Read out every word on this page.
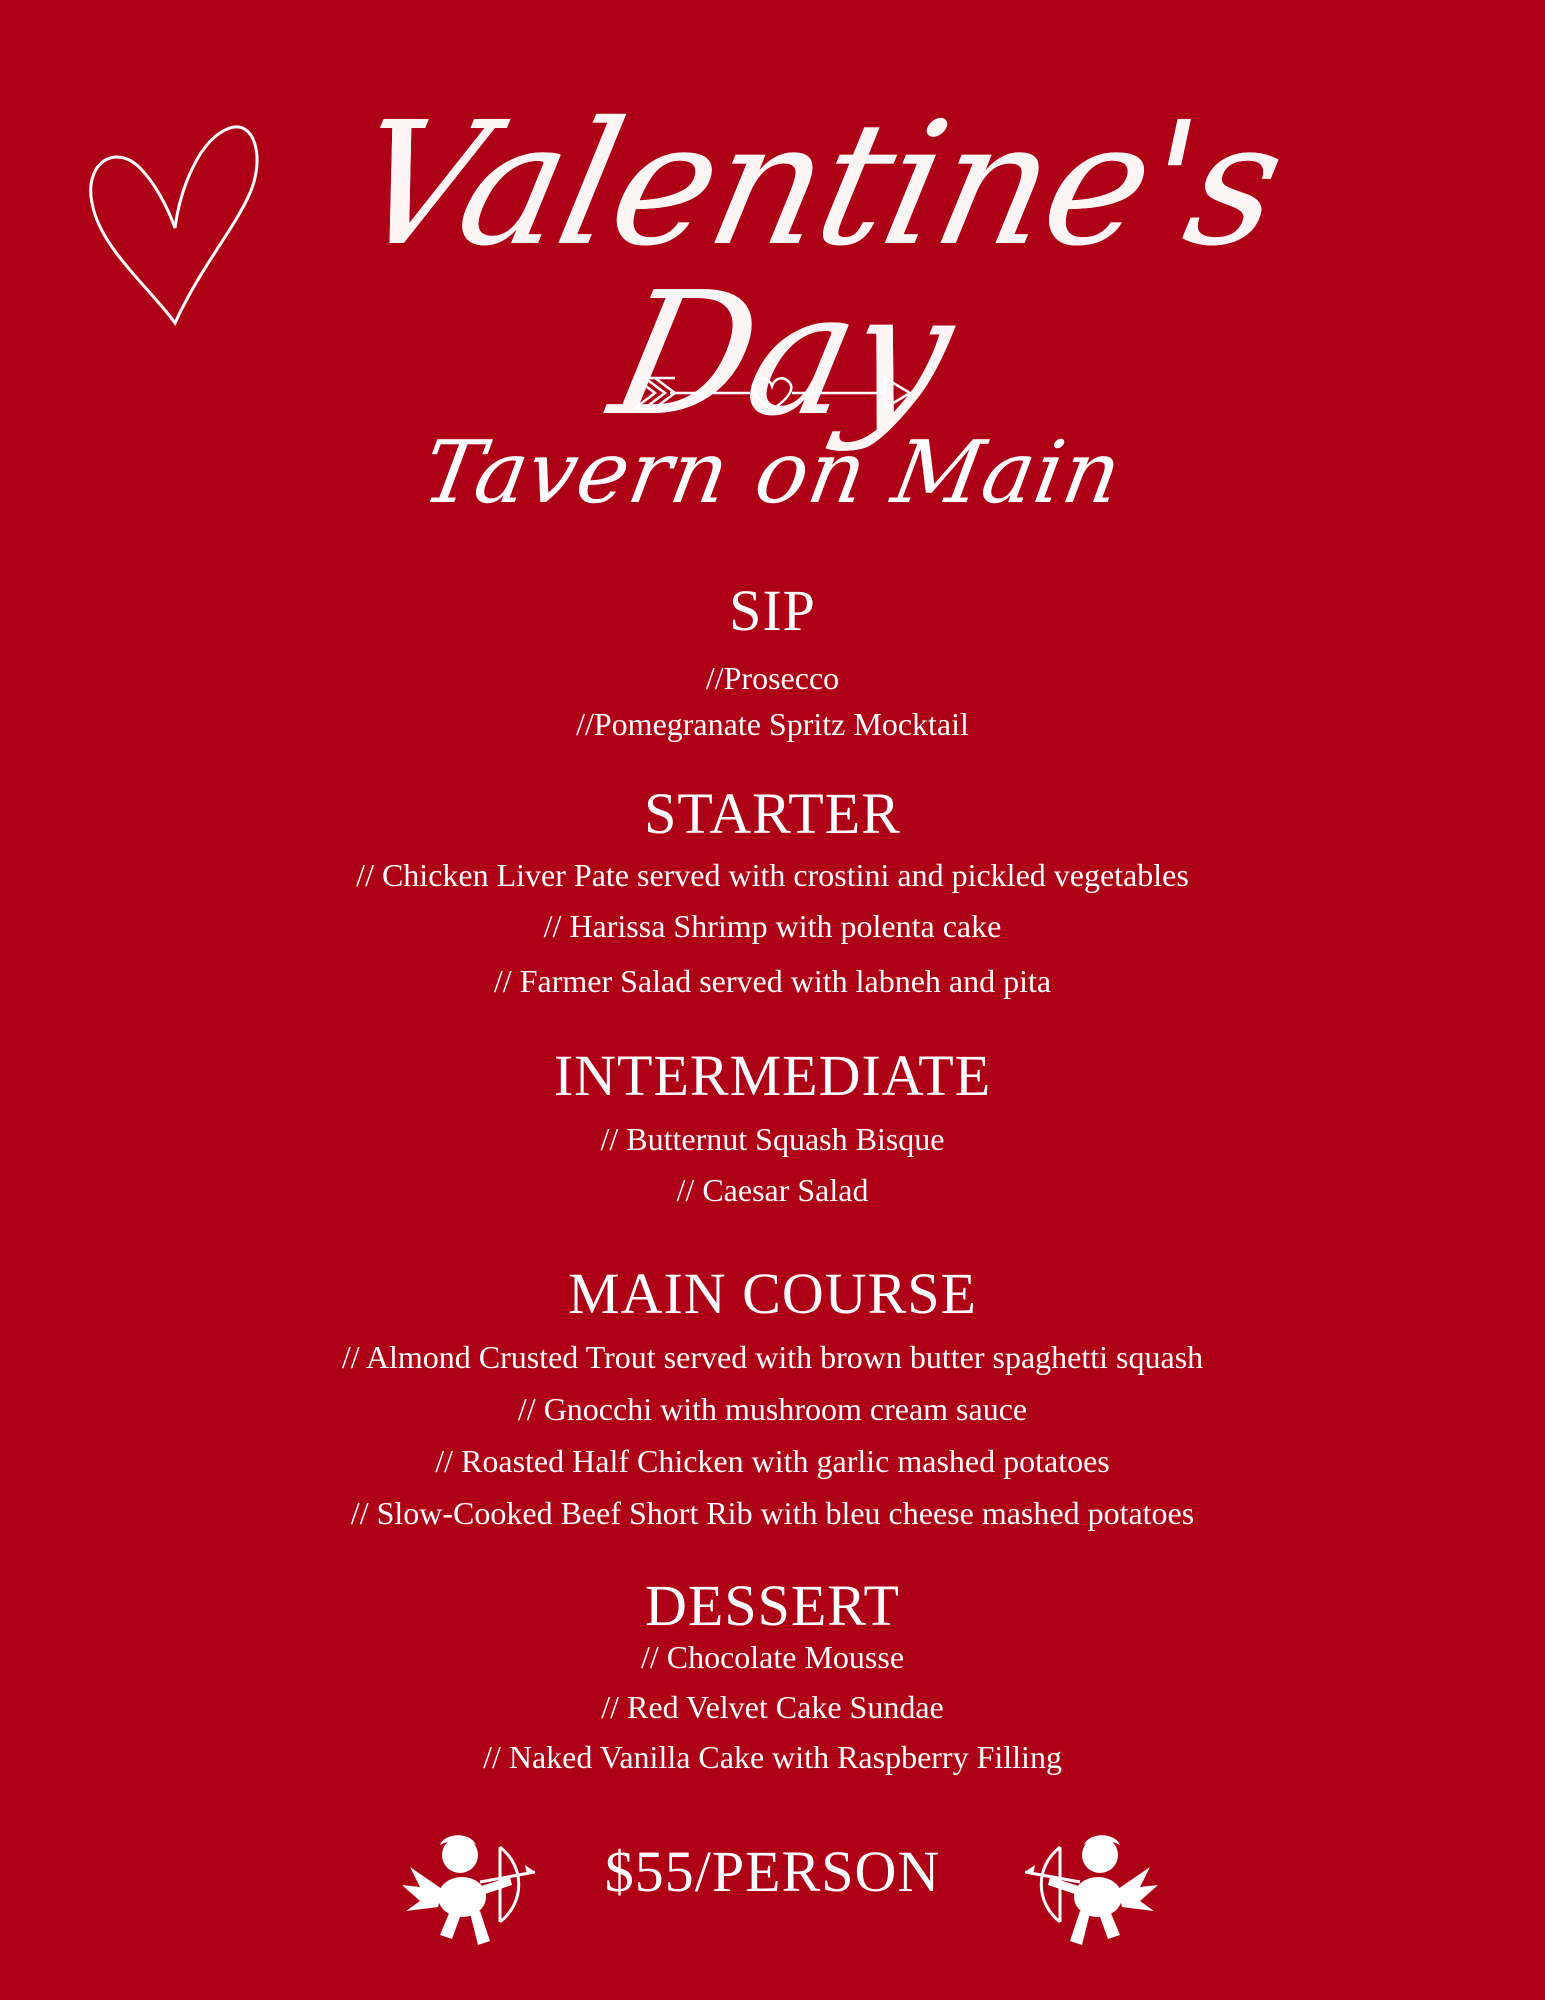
Valentine's Day
Tavern on Main
SIP

//Prosecco

//Pomegranate Spritz Mocktail

STARTER

// Chicken Liver Pate served with crostini and pickled vegetables

// Harissa Shrimp with polenta cake

// Farmer Salad served with labneh and pita

INTERMEDIATE

// Butternut Squash Bisque

// Caesar Salad

MAIN COURSE

// Almond Crusted Trout served with brown butter spaghetti squash

// Gnocchi with mushroom cream sauce

// Roasted Half Chicken with garlic mashed potatoes

// Slow-Cooked Beef Short Rib with bleu cheese mashed potatoes

DESSERT

// Chocolate Mousse

// Red Velvet Cake Sundae

// Naked Vanilla Cake with Raspberry Filling

$55/PERSON
